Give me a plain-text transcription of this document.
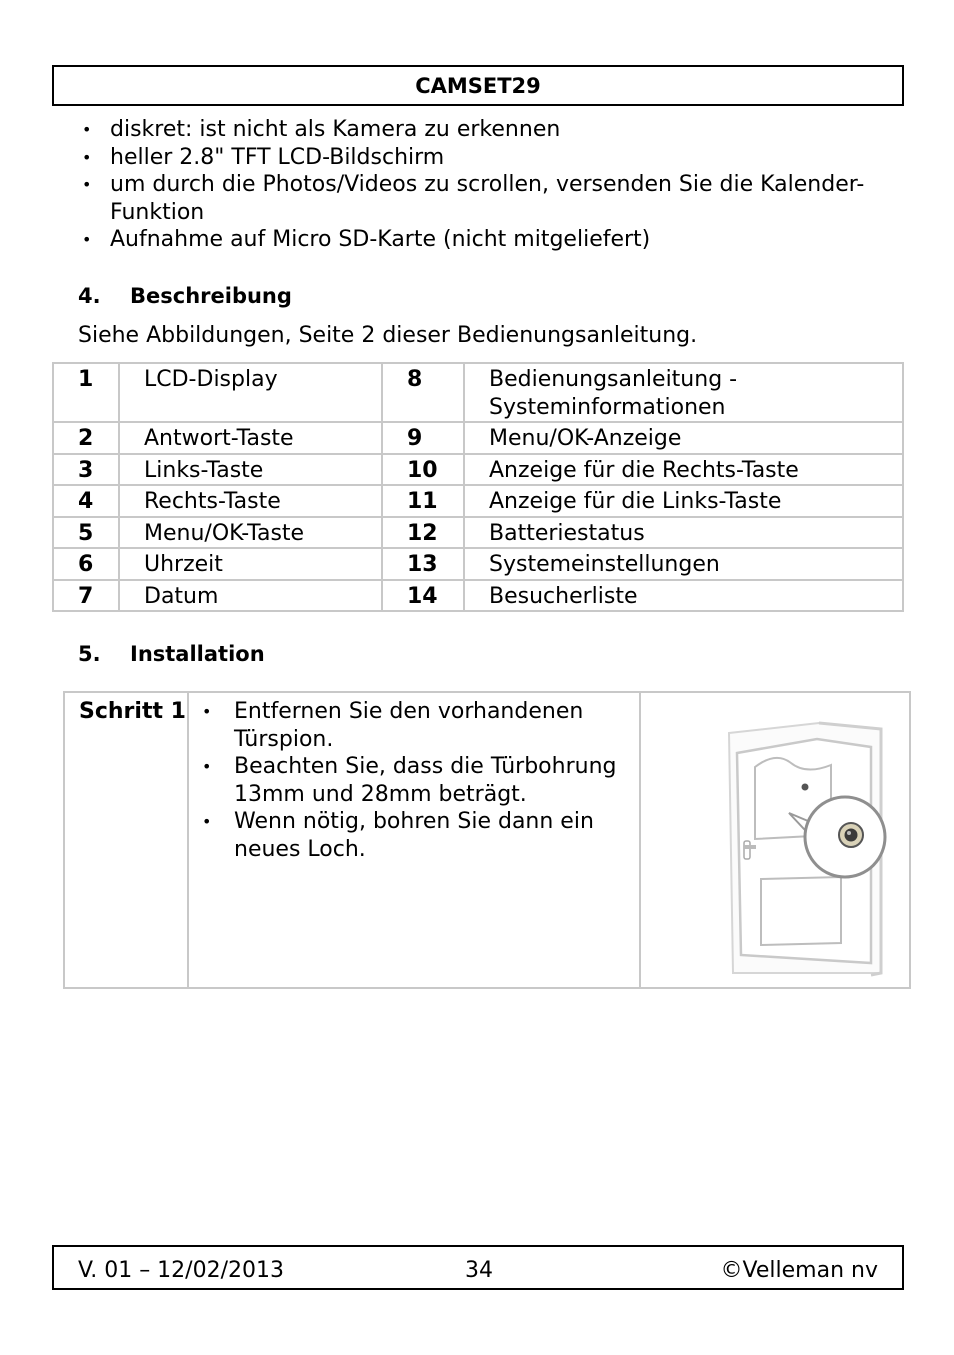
CAMSET29
• diskret: ist nicht als Kamera zu erkennen
• heller 2.8" TFT LCD-Bildschirm
• um durch die Photos/Videos zu scrollen, versenden Sie die Kalender-Funktion
• Aufnahme auf Micro SD-Karte (nicht mitgeliefert)
4. Beschreibung
Siehe Abbildungen, Seite 2 dieser Bedienungsanleitung.
1	LCD-Display	8	Bedienungsanleitung - Systeminformationen
2	Antwort-Taste	9	Menu/OK-Anzeige
3	Links-Taste	10	Anzeige für die Rechts-Taste
4	Rechts-Taste	11	Anzeige für die Links-Taste
5	Menu/OK-Taste	12	Batteriestatus
6	Uhrzeit	13	Systemeinstellungen
7	Datum	14	Besucherliste
5. Installation
Schritt 1	• Entfernen Sie den vorhandenen Türspion.
• Beachten Sie, dass die Türbohrung 13mm und 28mm beträgt.
• Wenn nötig, bohren Sie dann ein neues Loch.

V. 01 – 12/02/2013	34	©Velleman nv
